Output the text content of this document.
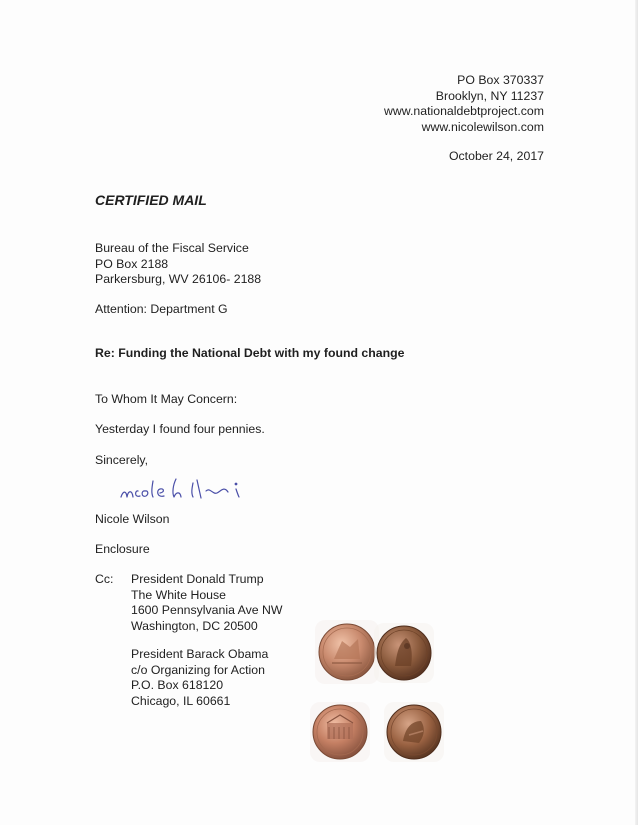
PO Box 370337
Brooklyn, NY 11237
www.nationaldebtproject.com
www.nicolewilson.com
October 24, 2017
CERTIFIED MAIL
Bureau of the Fiscal Service
PO Box 2188
Parkersburg, WV 26106- 2188
Attention: Department G
Re: Funding the National Debt with my found change
To Whom It May Concern:
Yesterday I found four pennies.
Sincerely,
Nicole Wilson
Enclosure
Cc: President Donald Trump
The White House
1600 Pennsylvania Ave NW
Washington, DC 20500
President Barack Obama
c/o Organizing for Action
P.O. Box 618120
Chicago, IL 60661
